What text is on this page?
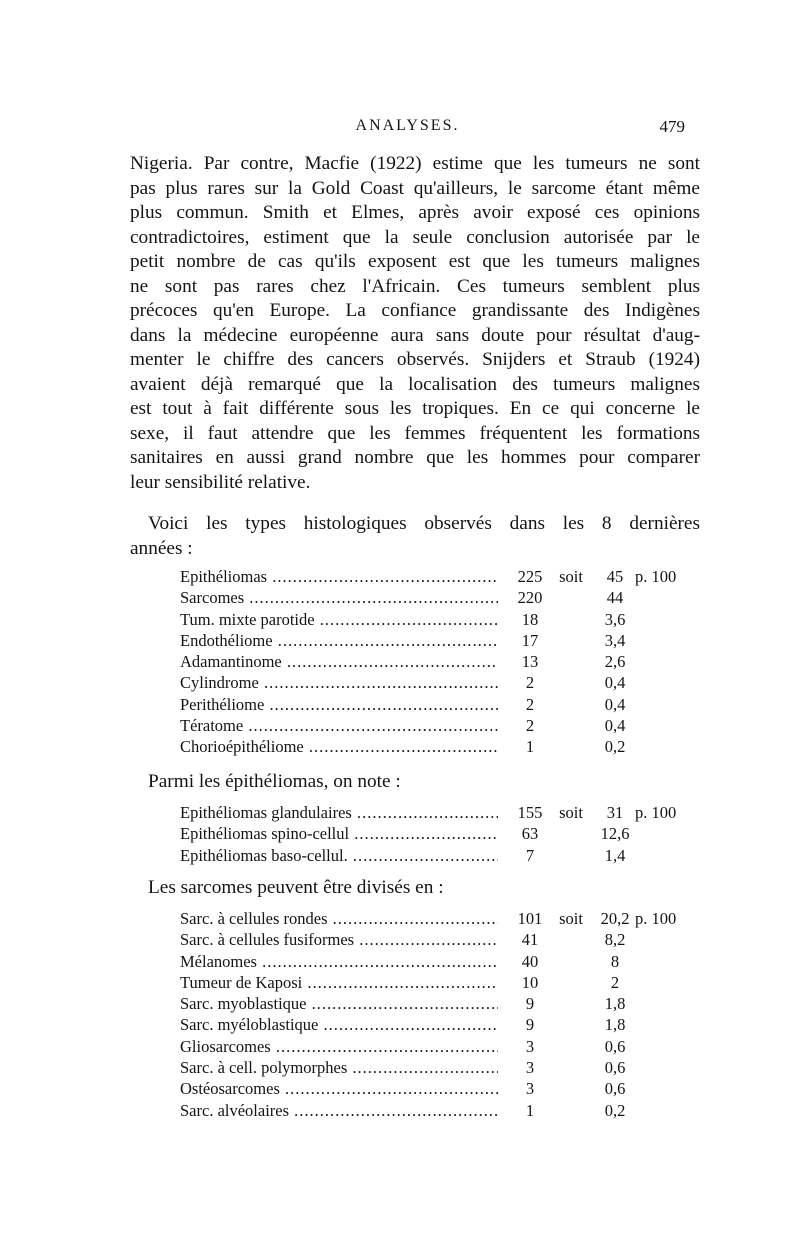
ANALYSES.	479
Nigeria. Par contre, Macfie (1922) estime que les tumeurs ne sont
pas plus rares sur la Gold Coast qu'ailleurs, le sarcome étant même
plus commun. Smith et Elmes, après avoir exposé ces opinions
contradictoires, estiment que la seule conclusion autorisée par le
petit nombre de cas qu'ils exposent est que les tumeurs malignes
ne sont pas rares chez l'Africain. Ces tumeurs semblent plus
précoces qu'en Europe. La confiance grandissante des Indigènes
dans la médecine européenne aura sans doute pour résultat d'aug-
menter le chiffre des cancers observés. Snijders et Straub (1924)
avaient déjà remarqué que la localisation des tumeurs malignes
est tout à fait différente sous les tropiques. En ce qui concerne le
sexe, il faut attendre que les femmes fréquentent les formations
sanitaires en aussi grand nombre que les hommes pour comparer
leur sensibilité relative.
Voici les types histologiques observés dans les 8 dernières
années :
Epithéliomas .....	225	soit	45 p. 100
Sarcomes .....	220	44
Tum. mixte parotide .....	18	3,6
Endothéliome .....	17	3,4
Adamantinome .....	13	2,6
Cylindrome .....	2	0,4
Perithéliome .....	2	0,4
Tératome .....	2	0,4
Chorioépithéliome .....	1	0,2
Parmi les épithéliomas, on note :
Epithéliomas glandulaires .....	155	soit	31 p. 100
Epithéliomas spino-cellul .....	63	12,6
Epithéliomas baso-cellul. .....	7	1,4
Les sarcomes peuvent être divisés en :
Sarc. à cellules rondes .....	101	soit	20,2 p. 100
Sarc. à cellules fusiformes .....	41	8,2
Mélanomes .....	40	8
Tumeur de Kaposi .....	10	2
Sarc. myoblastique .....	9	1,8
Sarc. myéloblastique .....	9	1,8
Gliosarcomes .....	3	0,6
Sarc. à cell. polymorphes .....	3	0,6
Ostéosarcomes .....	3	0,6
Sarc. alvéolaires .....	1	0,2
